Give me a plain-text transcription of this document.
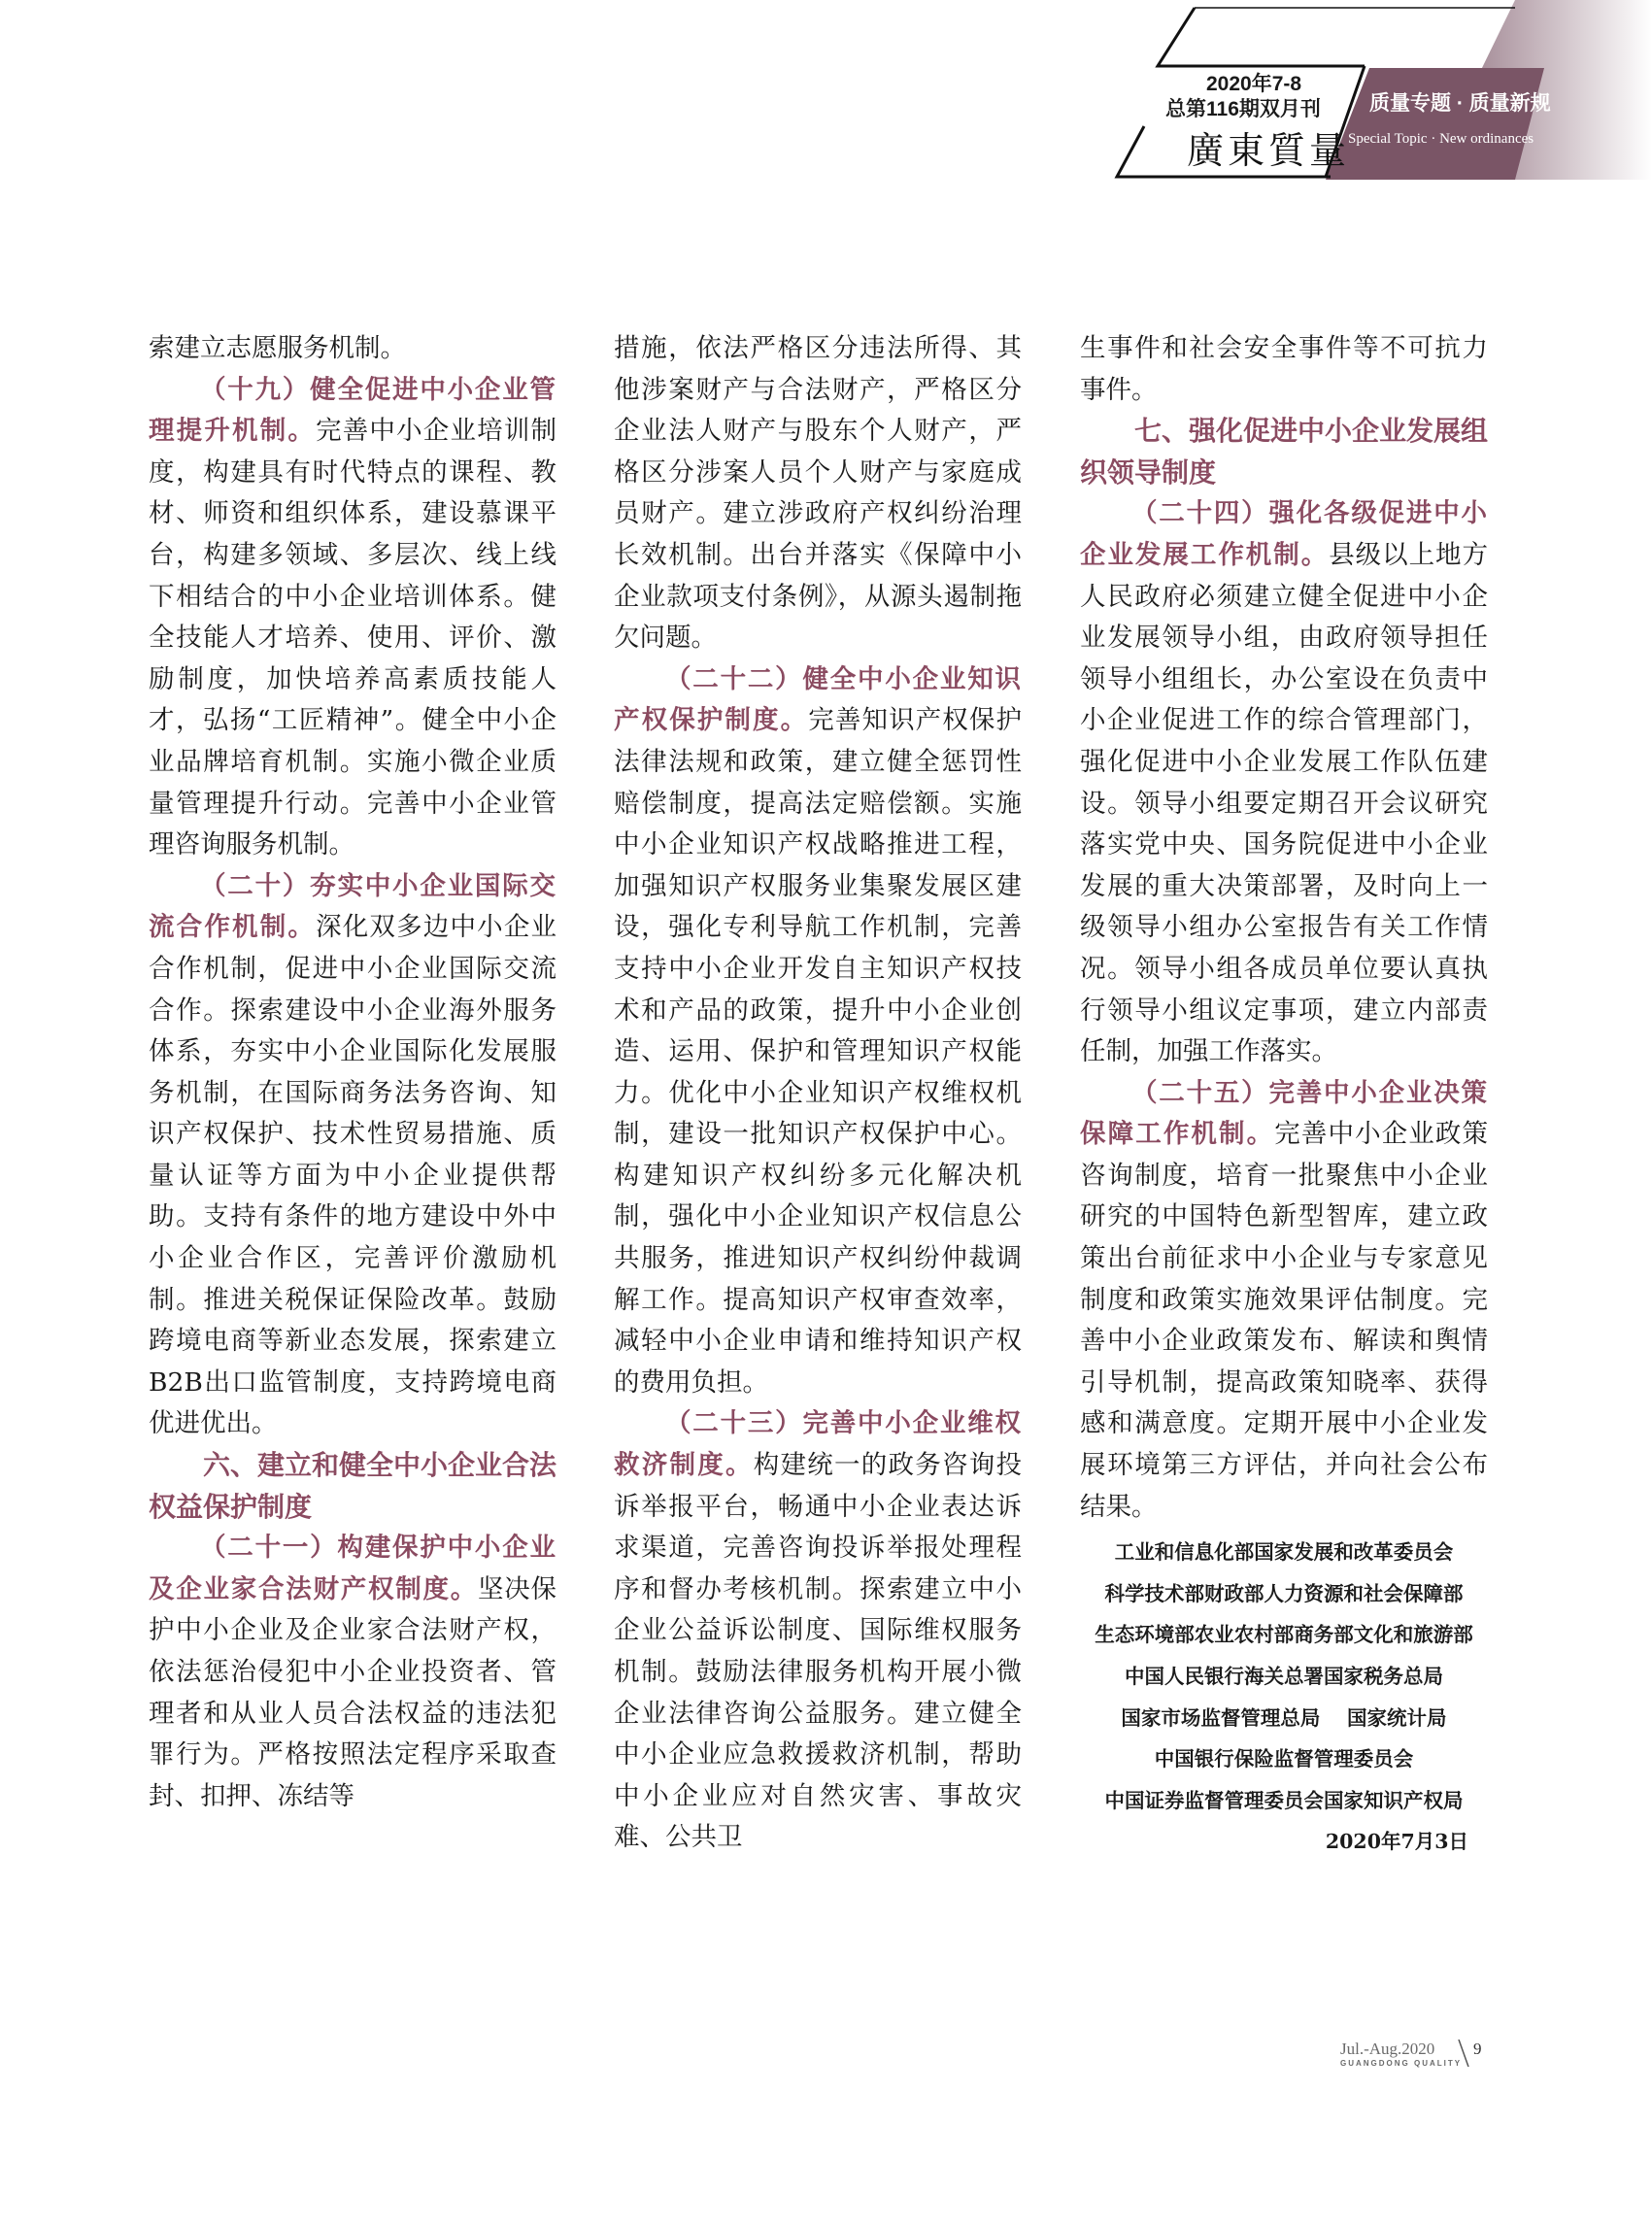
2020年7-8
总第116期双月刊
廣東質量
质量专题 · 质量新规
Special Topic · New ordinances

索建立志愿服务机制。

（十九）健全促进中小企业管理提升机制。完善中小企业培训制度，构建具有时代特点的课程、教材、师资和组织体系，建设慕课平台，构建多领域、多层次、线上线下相结合的中小企业培训体系。健全技能人才培养、使用、评价、激励制度，加快培养高素质技能人才，弘扬“工匠精神”。健全中小企业品牌培育机制。实施小微企业质量管理提升行动。完善中小企业管理咨询服务机制。

（二十）夯实中小企业国际交流合作机制。深化双多边中小企业合作机制，促进中小企业国际交流合作。探索建设中小企业海外服务体系，夯实中小企业国际化发展服务机制，在国际商务法务咨询、知识产权保护、技术性贸易措施、质量认证等方面为中小企业提供帮助。支持有条件的地方建设中外中小企业合作区，完善评价激励机制。推进关税保证保险改革。鼓励跨境电商等新业态发展，探索建立B2B出口监管制度，支持跨境电商优进优出。

六、建立和健全中小企业合法权益保护制度

（二十一）构建保护中小企业及企业家合法财产权制度。坚决保护中小企业及企业家合法财产权，依法惩治侵犯中小企业投资者、管理者和从业人员合法权益的违法犯罪行为。严格按照法定程序采取查封、扣押、冻结等

措施，依法严格区分违法所得、其他涉案财产与合法财产，严格区分企业法人财产与股东个人财产，严格区分涉案人员个人财产与家庭成员财产。建立涉政府产权纠纷治理长效机制。出台并落实《保障中小企业款项支付条例》，从源头遏制拖欠问题。

（二十二）健全中小企业知识产权保护制度。完善知识产权保护法律法规和政策，建立健全惩罚性赔偿制度，提高法定赔偿额。实施中小企业知识产权战略推进工程，加强知识产权服务业集聚发展区建设，强化专利导航工作机制，完善支持中小企业开发自主知识产权技术和产品的政策，提升中小企业创造、运用、保护和管理知识产权能力。优化中小企业知识产权维权机制，建设一批知识产权保护中心。构建知识产权纠纷多元化解决机制，强化中小企业知识产权信息公共服务，推进知识产权纠纷仲裁调解工作。提高知识产权审查效率，减轻中小企业申请和维持知识产权的费用负担。

（二十三）完善中小企业维权救济制度。构建统一的政务咨询投诉举报平台，畅通中小企业表达诉求渠道，完善咨询投诉举报处理程序和督办考核机制。探索建立中小企业公益诉讼制度、国际维权服务机制。鼓励法律服务机构开展小微企业法律咨询公益服务。建立健全中小企业应急救援救济机制，帮助中小企业应对自然灾害、事故灾难、公共卫

生事件和社会安全事件等不可抗力事件。

七、强化促进中小企业发展组织领导制度

（二十四）强化各级促进中小企业发展工作机制。县级以上地方人民政府必须建立健全促进中小企业发展领导小组，由政府领导担任领导小组组长，办公室设在负责中小企业促进工作的综合管理部门，强化促进中小企业发展工作队伍建设。领导小组要定期召开会议研究落实党中央、国务院促进中小企业发展的重大决策部署，及时向上一级领导小组办公室报告有关工作情况。领导小组各成员单位要认真执行领导小组议定事项，建立内部责任制，加强工作落实。

（二十五）完善中小企业决策保障工作机制。完善中小企业政策咨询制度，培育一批聚焦中小企业研究的中国特色新型智库，建立政策出台前征求中小企业与专家意见制度和政策实施效果评估制度。完善中小企业政策发布、解读和舆情引导机制，提高政策知晓率、获得感和满意度。定期开展中小企业发展环境第三方评估，并向社会公布结果。

工业和信息化部国家发展和改革委员会
科学技术部财政部人力资源和社会保障部
生态环境部农业农村部商务部文化和旅游部
中国人民银行海关总署国家税务总局
国家市场监督管理总局　 国家统计局
中国银行保险监督管理委员会
中国证券监督管理委员会国家知识产权局
2020年7月3日
Jul.-Aug.2020
GUANGDONG QUALITY
9
